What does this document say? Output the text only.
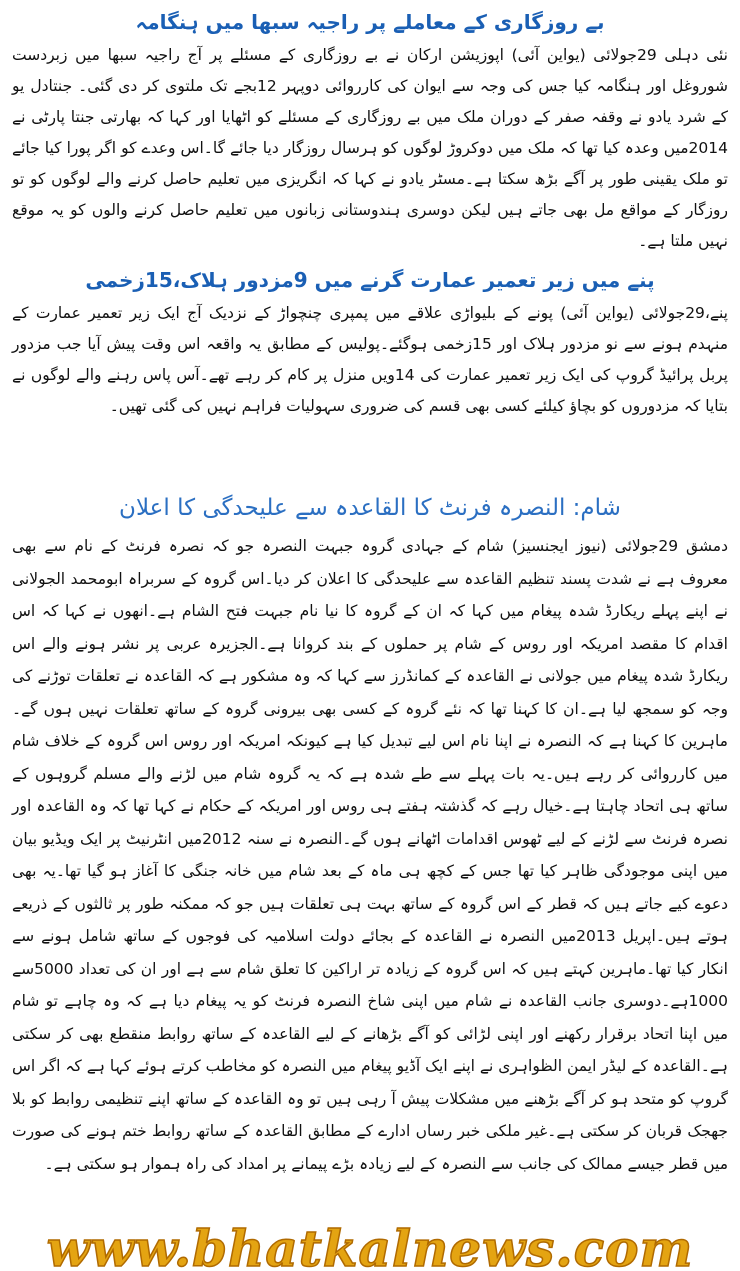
بے روزگاری کے معاملے پر راجیہ سبھا میں ہنگامہ

نئی دہلی 29جولائی (یواین آئی) اپوزیشن ارکان نے بے روزگاری کے مسئلے پر آج راجیہ سبھا میں زبردست شوروغل اور ہنگامہ کیا جس کی وجہ سے ایوان کی کارروائی دوپہر 12بجے تک ملتوی کر دی گئی۔ جنتادل یو کے شرد یادو نے وقفہ صفر کے دوران ملک میں بے روزگاری کے مسئلے کو اٹھایا اور کہا کہ بھارتی جنتا پارٹی نے 2014میں وعدہ کیا تھا کہ ملک میں دوکروڑ لوگوں کو ہرسال روزگار دیا جائے گا۔اس وعدے کو اگر پورا کیا جائے تو ملک یقینی طور پر آگے بڑھ سکتا ہے۔مسٹر یادو نے کہا کہ انگریزی میں تعلیم حاصل کرنے والے لوگوں کو تو روزگار کے مواقع مل بھی جاتے ہیں لیکن دوسری ہندوستانی زبانوں میں تعلیم حاصل کرنے والوں کو یہ موقع نہیں ملتا ہے۔

پنے میں زیر تعمیر عمارت گرنے میں 9مزدور ہلاک،15زخمی

پنے،29جولائی (یواین آئی) پونے کے بلیواڑی علاقے میں پمپری چنچواڑ کے نزدیک آج ایک زیر تعمیر عمارت کے منہدم ہونے سے نو مزدور ہلاک اور 15زخمی ہوگئے۔پولیس کے مطابق یہ واقعہ اس وقت پیش آیا جب مزدور پربل پرائیڈ گروپ کی ایک زیر تعمیر عمارت کی 14ویں منزل پر کام کر رہے تھے۔آس پاس رہنے والے لوگوں نے بتایا کہ مزدوروں کو بچاؤ کیلئے کسی بھی قسم کی ضروری سہولیات فراہم نہیں کی گئی تھیں۔

شام: النصرہ فرنٹ کا القاعدہ سے علیحدگی کا اعلان

دمشق 29جولائی (نیوز ایجنسیز) شام کے جہادی گروہ جبہت النصرہ جو کہ نصرہ فرنٹ کے نام سے بھی معروف ہے نے شدت پسند تنظیم القاعدہ سے علیحدگی کا اعلان کر دیا۔اس گروہ کے سربراہ ابومحمد الجولانی نے اپنے پہلے ریکارڈ شدہ پیغام میں کہا کہ ان کے گروہ کا نیا نام جبہت فتح الشام ہے۔انھوں نے کہا کہ اس اقدام کا مقصد امریکہ اور روس کے شام پر حملوں کے بند کروانا ہے۔الجزیرہ عربی پر نشر ہونے والے اس ریکارڈ شدہ پیغام میں جولانی نے القاعدہ کے کمانڈرز سے کہا کہ وہ مشکور ہے کہ القاعدہ نے تعلقات توڑنے کی وجہ کو سمجھ لیا ہے۔ان کا کہنا تھا کہ نئے گروہ کے کسی بھی بیرونی گروہ کے ساتھ تعلقات نہیں ہوں گے۔ماہرین کا کہنا ہے کہ النصرہ نے اپنا نام اس لیے تبدیل کیا ہے کیونکہ امریکہ اور روس اس گروہ کے خلاف شام میں کارروائی کر رہے ہیں۔یہ بات پہلے سے طے شدہ ہے کہ یہ گروہ شام میں لڑنے والے مسلم گروہوں کے ساتھ ہی اتحاد چاہتا ہے۔خیال رہے کہ گذشتہ ہفتے ہی روس اور امریکہ کے حکام نے کہا تھا کہ وہ القاعدہ اور نصرہ فرنٹ سے لڑنے کے لیے ٹھوس اقدامات اٹھانے ہوں گے۔النصرہ نے سنہ 2012میں انٹرنیٹ پر ایک ویڈیو بیان میں اپنی موجودگی ظاہر کیا تھا جس کے کچھ ہی ماہ کے بعد شام میں خانہ جنگی کا آغاز ہو گیا تھا۔یہ بھی دعوے کیے جاتے ہیں کہ قطر کے اس گروہ کے ساتھ بہت ہی تعلقات ہیں جو کہ ممکنہ طور پر ثالثوں کے ذریعے ہوتے ہیں۔اپریل 2013میں النصرہ نے القاعدہ کے بجائے دولت اسلامیہ کی فوجوں کے ساتھ شامل ہونے سے انکار کیا تھا۔ماہرین کہتے ہیں کہ اس گروہ کے زیادہ تر اراکین کا تعلق شام سے ہے اور ان کی تعداد 5000سے 1000ہے۔دوسری جانب القاعدہ نے شام میں اپنی شاخ النصرہ فرنٹ کو یہ پیغام دیا ہے کہ وہ چاہے تو شام میں اپنا اتحاد برقرار رکھنے اور اپنی لڑائی کو آگے بڑھانے کے لیے القاعدہ کے ساتھ روابط منقطع بھی کر سکتی ہے۔القاعدہ کے لیڈر ایمن الظواہری نے اپنے ایک آڈیو پیغام میں النصرہ کو مخاطب کرتے ہوئے کہا ہے کہ اگر اس گروپ کو متحد ہو کر آگے بڑھنے میں مشکلات پیش آ رہی ہیں تو وہ القاعدہ کے ساتھ اپنے تنظیمی روابط کو بلا جھجک قربان کر سکتی ہے۔غیر ملکی خبر رساں ادارے کے مطابق القاعدہ کے ساتھ روابط ختم ہونے کی صورت میں قطر جیسے ممالک کی جانب سے النصرہ کے لیے زیادہ بڑے پیمانے پر امداد کی راہ ہموار ہو سکتی ہے۔

www.bhatkalnews.com
